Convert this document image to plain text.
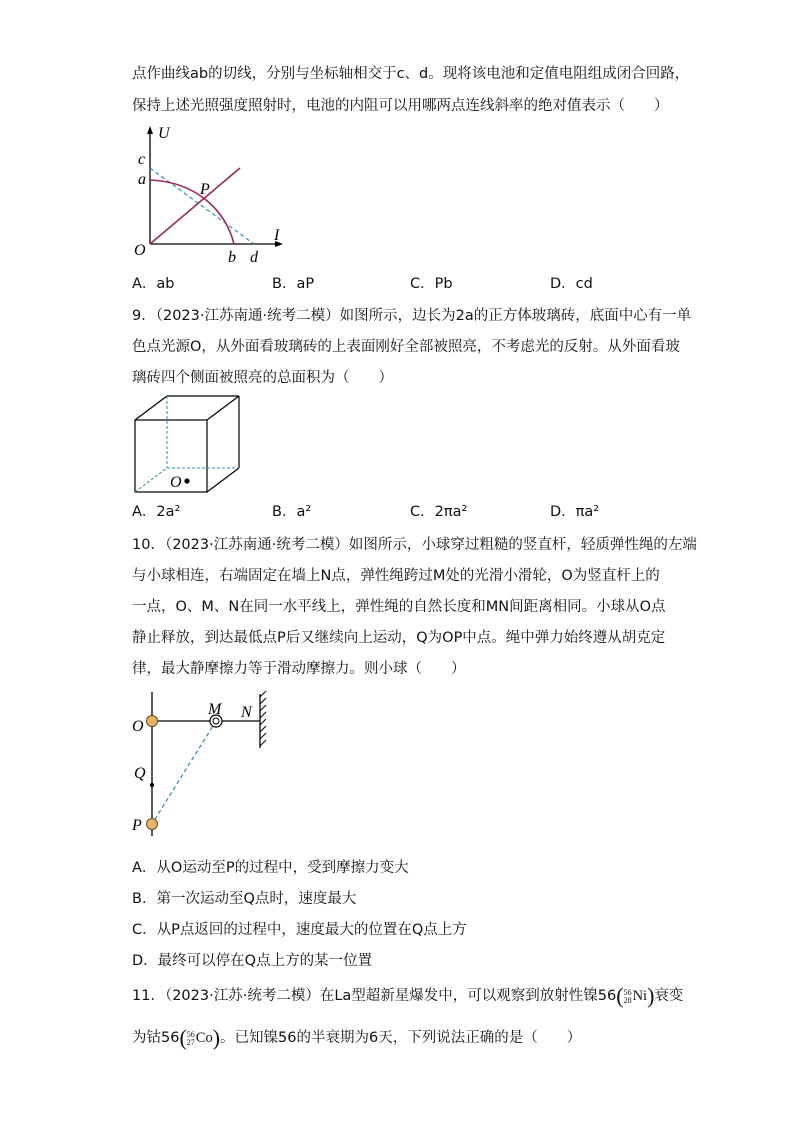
点作曲线ab的切线，分别与坐标轴相交于c、d。现将该电池和定值电阻组成闭合回路，
保持上述光照强度照射时，电池的内阻可以用哪两点连线斜率的绝对值表示（　　）
U
I
O
a
c
P
b d
A．ab	B．aP	C．Pb	D．cd
9．（2023·江苏南通·统考二模）如图所示，边长为2a的正方体玻璃砖，底面中心有一单
色点光源O，从外面看玻璃砖的上表面刚好全部被照亮，不考虑光的反射。从外面看玻
璃砖四个侧面被照亮的总面积为（　　）
O
A．2a²	B．a²	C．2πa²	D．πa²
10．（2023·江苏南通·统考二模）如图所示，小球穿过粗糙的竖直杆，轻质弹性绳的左端
与小球相连，右端固定在墙上N点，弹性绳跨过M处的光滑小滑轮，O为竖直杆上的
一点，O、M、N在同一水平线上，弹性绳的自然长度和MN间距离相同。小球从O点
静止释放，到达最低点P后又继续向上运动，Q为OP中点。绳中弹力始终遵从胡克定
律，最大静摩擦力等于滑动摩擦力。则小球（　　）
O
M N
Q
P
A．从O运动至P的过程中，受到摩擦力变大
B．第一次运动至Q点时，速度最大
C．从P点返回的过程中，速度最大的位置在Q点上方
D．最终可以停在Q点上方的某一位置
11．（2023·江苏·统考二模）在La型超新星爆发中，可以观察到放射性镍56( 56
28 Ni)衰变
为钴56( 56
27 Co)。已知镍56的半衰期为6天，下列说法正确的是（　　）
